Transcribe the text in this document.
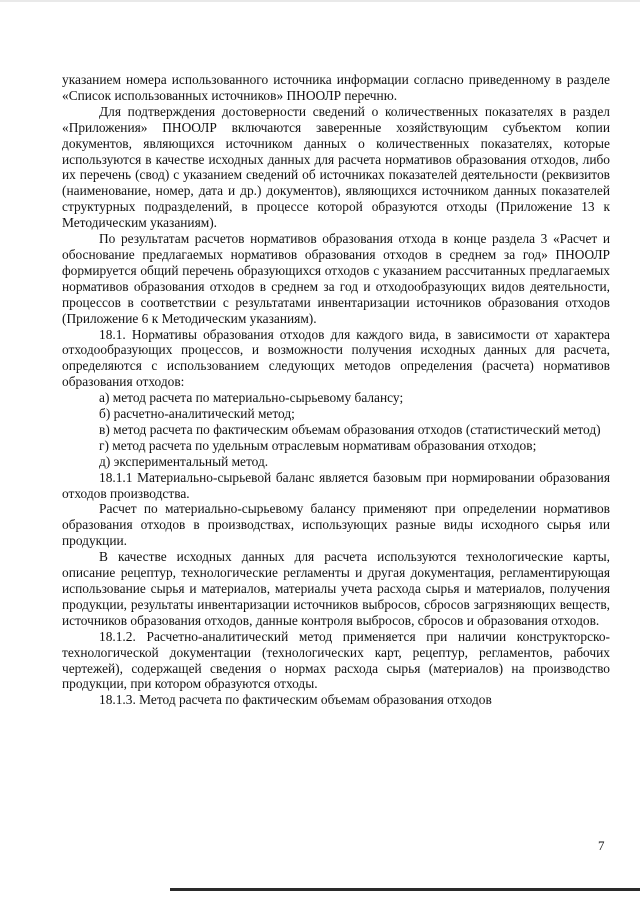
указанием номера использованного источника информации согласно приведенному в разделе «Список использованных источников» ПНООЛР перечню.

Для подтверждения достоверности сведений о количественных показателях в раздел «Приложения» ПНООЛР включаются заверенные хозяйствующим субъектом копии документов, являющихся источником данных о количественных показателях, которые используются в качестве исходных данных для расчета нормативов образования отходов, либо их перечень (свод) с указанием сведений об источниках показателей деятельности (реквизитов (наименование, номер, дата и др.) документов), являющихся источником данных показателей структурных подразделений, в процессе которой образуются отходы (Приложение 13 к Методическим указаниям).

По результатам расчетов нормативов образования отхода в конце раздела 3 «Расчет и обоснование предлагаемых нормативов образования отходов в среднем за год» ПНООЛР формируется общий перечень образующихся отходов с указанием рассчитанных предлагаемых нормативов образования отходов в среднем за год и отходообразующих видов деятельности, процессов в соответствии с результатами инвентаризации источников образования отходов (Приложение 6 к Методическим указаниям).

18.1. Нормативы образования отходов для каждого вида, в зависимости от характера отходообразующих процессов, и возможности получения исходных данных для расчета, определяются с использованием следующих методов определения (расчета) нормативов образования отходов:

а) метод расчета по материально-сырьевому балансу;

б) расчетно-аналитический метод;

в) метод расчета по фактическим объемам образования отходов (статистический метод)

г) метод расчета по удельным отраслевым нормативам образования отходов;

д) экспериментальный метод.

18.1.1 Материально-сырьевой баланс является базовым при нормировании образования отходов производства.

Расчет по материально-сырьевому балансу применяют при определении нормативов образования отходов в производствах, использующих разные виды исходного сырья или продукции.

В качестве исходных данных для расчета используются технологические карты, описание рецептур, технологические регламенты и другая документация, регламентирующая использование сырья и материалов, материалы учета расхода сырья и материалов, получения продукции, результаты инвентаризации источников выбросов, сбросов загрязняющих веществ, источников образования отходов, данные контроля выбросов, сбросов и образования отходов.

18.1.2. Расчетно-аналитический метод применяется при наличии конструкторско-технологической документации (технологических карт, рецептур, регламентов, рабочих чертежей), содержащей сведения о нормах расхода сырья (материалов) на производство продукции, при котором образуются отходы.

18.1.3. Метод расчета по фактическим объемам образования отходов

7
